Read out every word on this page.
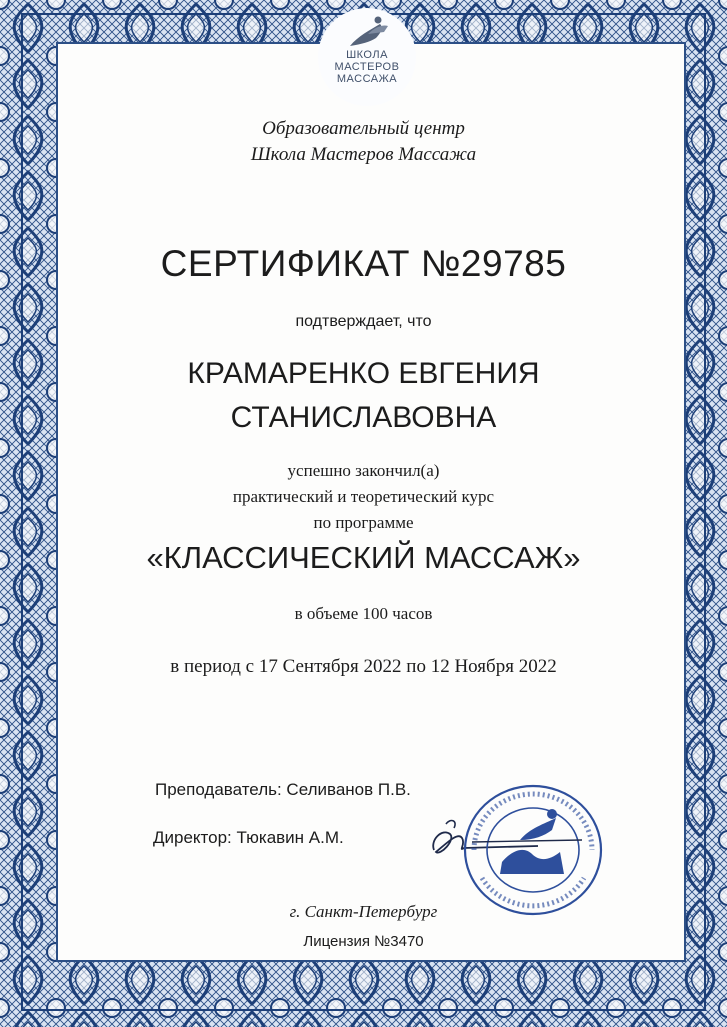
ШКОЛА
МАСТЕРОВ
МАССАЖА
Образовательный центр
Школа Мастеров Массажа
СЕРТИФИКАТ №29785
подтверждает, что
КРАМАРЕНКО ЕВГЕНИЯ
СТАНИСЛАВОВНА
успешно закончил(а)
практический и теоретический курс
по программе
«КЛАССИЧЕСКИЙ МАССАЖ»
в объеме 100 часов
в период с 17 Сентября 2022 по 12 Ноября 2022
Преподаватель: Селиванов П.В.
Директор: Тюкавин А.М.
г. Санкт-Петербург
Лицензия №3470
